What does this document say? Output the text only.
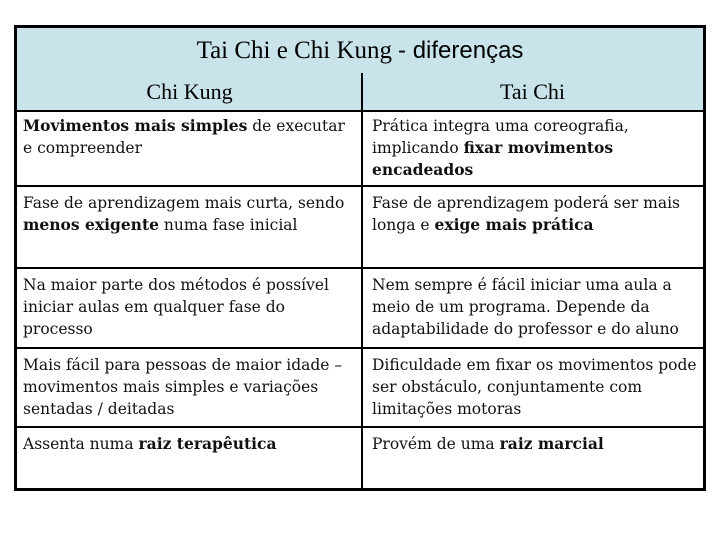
Tai Chi e Chi Kung - diferenças
Chi Kung	Tai Chi
Movimentos mais simples de executar e compreender
Prática integra uma coreografia, implicando fixar movimentos encadeados
Fase de aprendizagem mais curta, sendo menos exigente numa fase inicial
Fase de aprendizagem poderá ser mais longa e exige mais prática
Na maior parte dos métodos é possível iniciar aulas em qualquer fase do processo
Nem sempre é fácil iniciar uma aula a meio de um programa. Depende da adaptabilidade do professor e do aluno
Mais fácil para pessoas de maior idade – movimentos mais simples e variações sentadas / deitadas
Dificuldade em fixar os movimentos pode ser obstáculo, conjuntamente com limitações motoras
Assenta numa raiz terapêutica	Provém de uma raiz marcial
